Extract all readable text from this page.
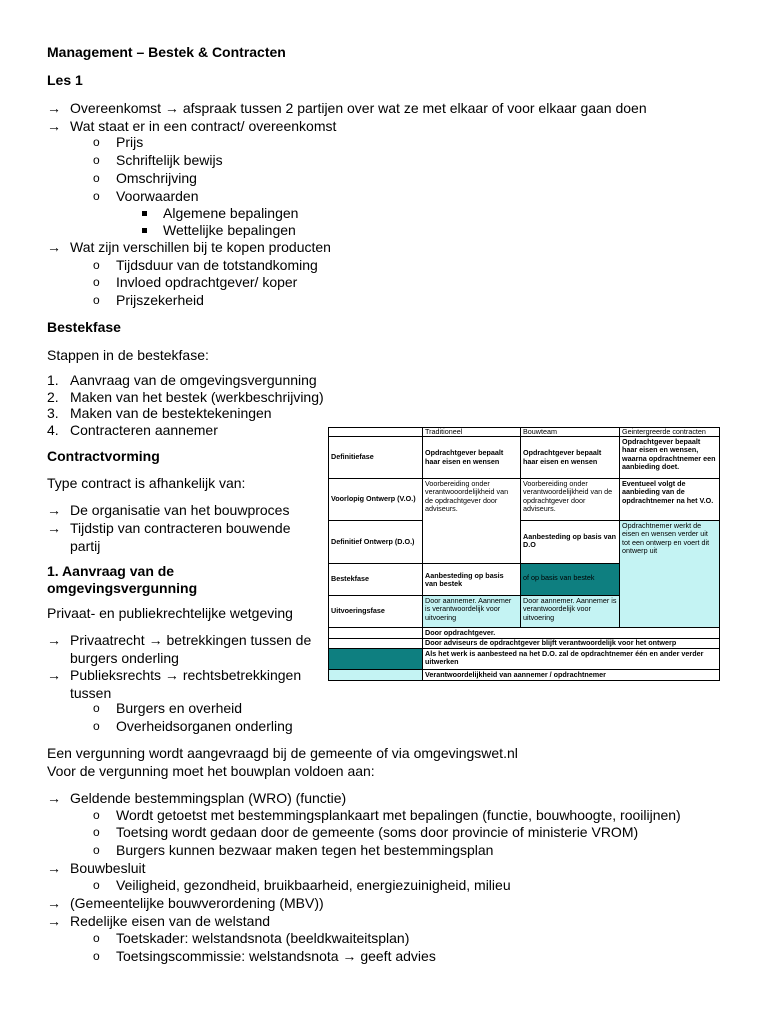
Management – Bestek & Contracten
Les 1
→ Overeenkomst → afspraak tussen 2 partijen over wat ze met elkaar of voor elkaar gaan doen
→ Wat staat er in een contract/ overeenkomst
o Prijs
o Schriftelijk bewijs
o Omschrijving
o Voorwaarden
Algemene bepalingen
Wettelijke bepalingen
→ Wat zijn verschillen bij te kopen producten
o Tijdsduur van de totstandkoming
o Invloed opdrachtgever/ koper
o Prijszekerheid
Bestekfase
Stappen in de bestekfase:
1. Aanvraag van de omgevingsvergunning
2. Maken van het bestek (werkbeschrijving)
3. Maken van de bestektekeningen
4. Contracteren aannemer
Contractvorming
Type contract is afhankelijk van:
→ De organisatie van het bouwproces
→ Tijdstip van contracteren bouwende
partij
1. Aanvraag van de
omgevingsvergunning
Privaat- en publiekrechtelijke wetgeving
→ Privaatrecht → betrekkingen tussen de
burgers onderling
→ Publieksrechts → rechtsbetrekkingen
tussen
o Burgers en overheid
o Overheidsorganen onderling
Een vergunning wordt aangevraagd bij de gemeente of via omgevingswet.nl
Voor de vergunning moet het bouwplan voldoen aan:
→ Geldende bestemmingsplan (WRO) (functie)
o Wordt getoetst met bestemmingsplankaart met bepalingen (functie, bouwhoogte, rooilijnen)
o Toetsing wordt gedaan door de gemeente (soms door provincie of ministerie VROM)
o Burgers kunnen bezwaar maken tegen het bestemmingsplan
→ Bouwbesluit
o Veiligheid, gezondheid, bruikbaarheid, energiezuinigheid, milieu
→ (Gemeentelijke bouwverordening (MBV))
→ Redelijke eisen van de welstand
o Toetskader: welstandsnota (beeldkwaiteitsplan)
o Toetsingscommissie: welstandsnota → geeft advies
Traditioneel	Bouwteam	Geintergreerde contracten
Definitiefase
Voorlopig Ontwerp (V.O.)
Definitief Ontwerp (D.O.)
Bestekfase
Uitvoeringsfase
Opdrachtgever bepaalt haar eisen en wensen
Opdrachtgever bepaalt haar eisen en wensen
Opdrachtgever bepaalt haar eisen en wensen, waarna opdrachtnemer een aanbieding doet.
Voorbereiding onder verantwooordelijkheid van de opdrachtgever door adviseurs.
Voorbereiding onder verantwoordelijkheid van de opdrachtgever door adviseurs.
Eventueel volgt de aanbieding van de opdrachtnemer na het V.O.
Aanbesteding op basis van D.O
Opdrachtnemer werkt de eisen en wensen verder uit tot een ontwerp en voert dit ontwerp uit
Aanbesteding op basis van bestek
of op basis van bestek
Door aannemer. Aannemer is verantwoordelijk voor uitvoering
Door aannemer. Aannemer is verantwoordelijk voor uitvoering
Door opdrachtgever.
Door adviseurs de opdrachtgever blijft verantwoordelijk voor het ontwerp
Als het werk is aanbesteed na het D.O. zal de opdrachtnemer één en ander verder uitwerken
Verantwoordelijkheid van aannemer / opdrachtnemer
